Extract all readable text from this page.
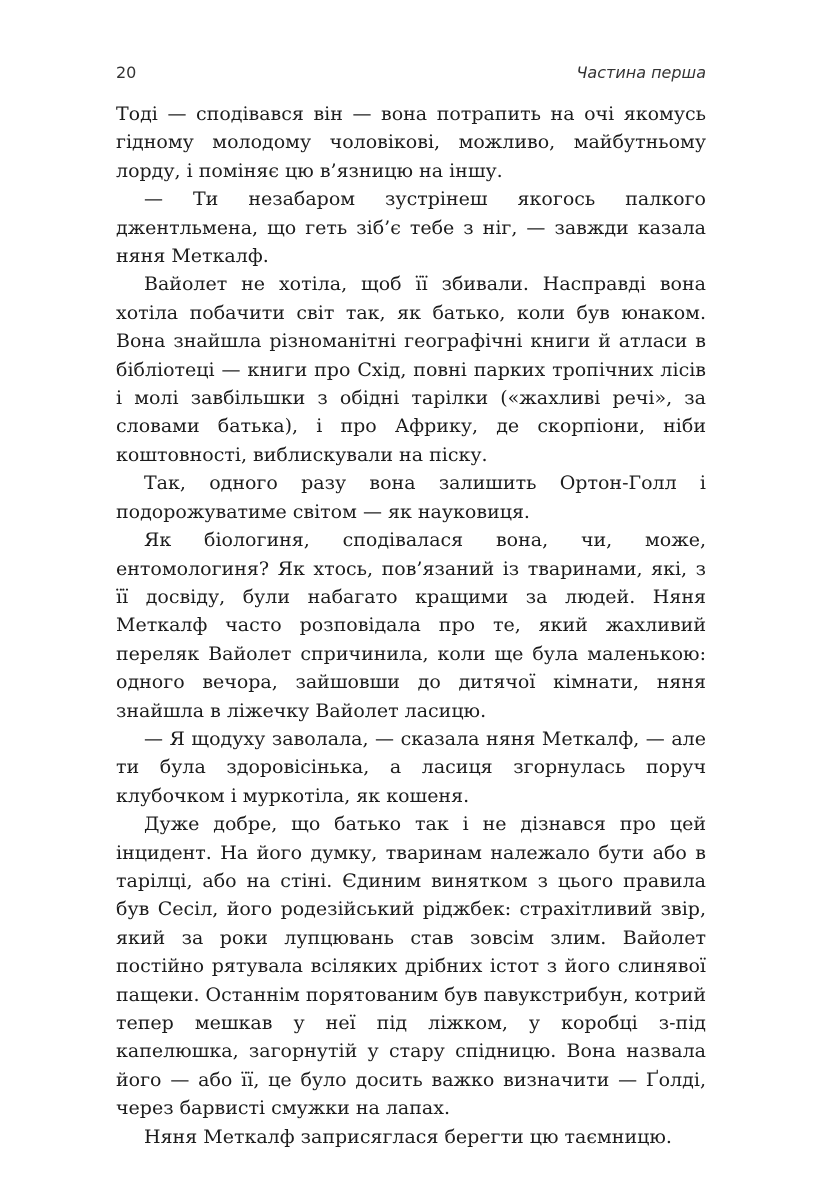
20	Частина перша

Тоді — сподівався він — вона потрапить на очі якомусь гідному молодому чоловікові, можливо, майбутньому лорду, і поміняє цю в’язницю на іншу.

— Ти незабаром зустрінеш якогось палкого джентльмена, що геть зіб’є тебе з ніг, — завжди казала няня Меткалф.

Вайолет не хотіла, щоб її збивали. Насправді вона хотіла побачити світ так, як батько, коли був юнаком. Вона знайшла різноманітні географічні книги й атласи в бібліотеці — книги про Схід, повні парких тропічних лісів і молі завбільшки з обідні тарілки («жахливі речі», за словами батька), і про Африку, де скорпіони, ніби коштовності, виблискували на піску.

Так, одного разу вона залишить Ортон-Голл і подорожуватиме світом — як науковиця.

Як біологиня, сподівалася вона, чи, може, ентомологиня? Як хтось, пов’язаний із тваринами, які, з її досвіду, були набагато кращими за людей. Няня Меткалф часто розповідала про те, який жахливий переляк Вайолет спричинила, коли ще була маленькою: одного вечора, зайшовши до дитячої кімнати, няня знайшла в ліжечку Вайолет ласицю.

— Я щодуху заволала, — сказала няня Меткалф, — але ти була здоровісінька, а ласиця згорнулась поруч клубочком і муркотіла, як кошеня.

Дуже добре, що батько так і не дізнався про цей інцидент. На його думку, тваринам належало бути або в тарілці, або на стіні. Єдиним винятком з цього правила був Сесіл, його родезійський ріджбек: страхітливий звір, який за роки лупцювань став зовсім злим. Вайолет постійно рятувала всіляких дрібних істот з його слинявої пащеки. Останнім порятованим був павукстрибун, котрий тепер мешкав у неї під ліжком, у коробці з-під капелюшка, загорнутій у стару спідницю. Вона назвала його — або її, це було досить важко визначити — Ґолді, через барвисті смужки на лапах.

Няня Меткалф заприсяглася берегти цю таємницю.
